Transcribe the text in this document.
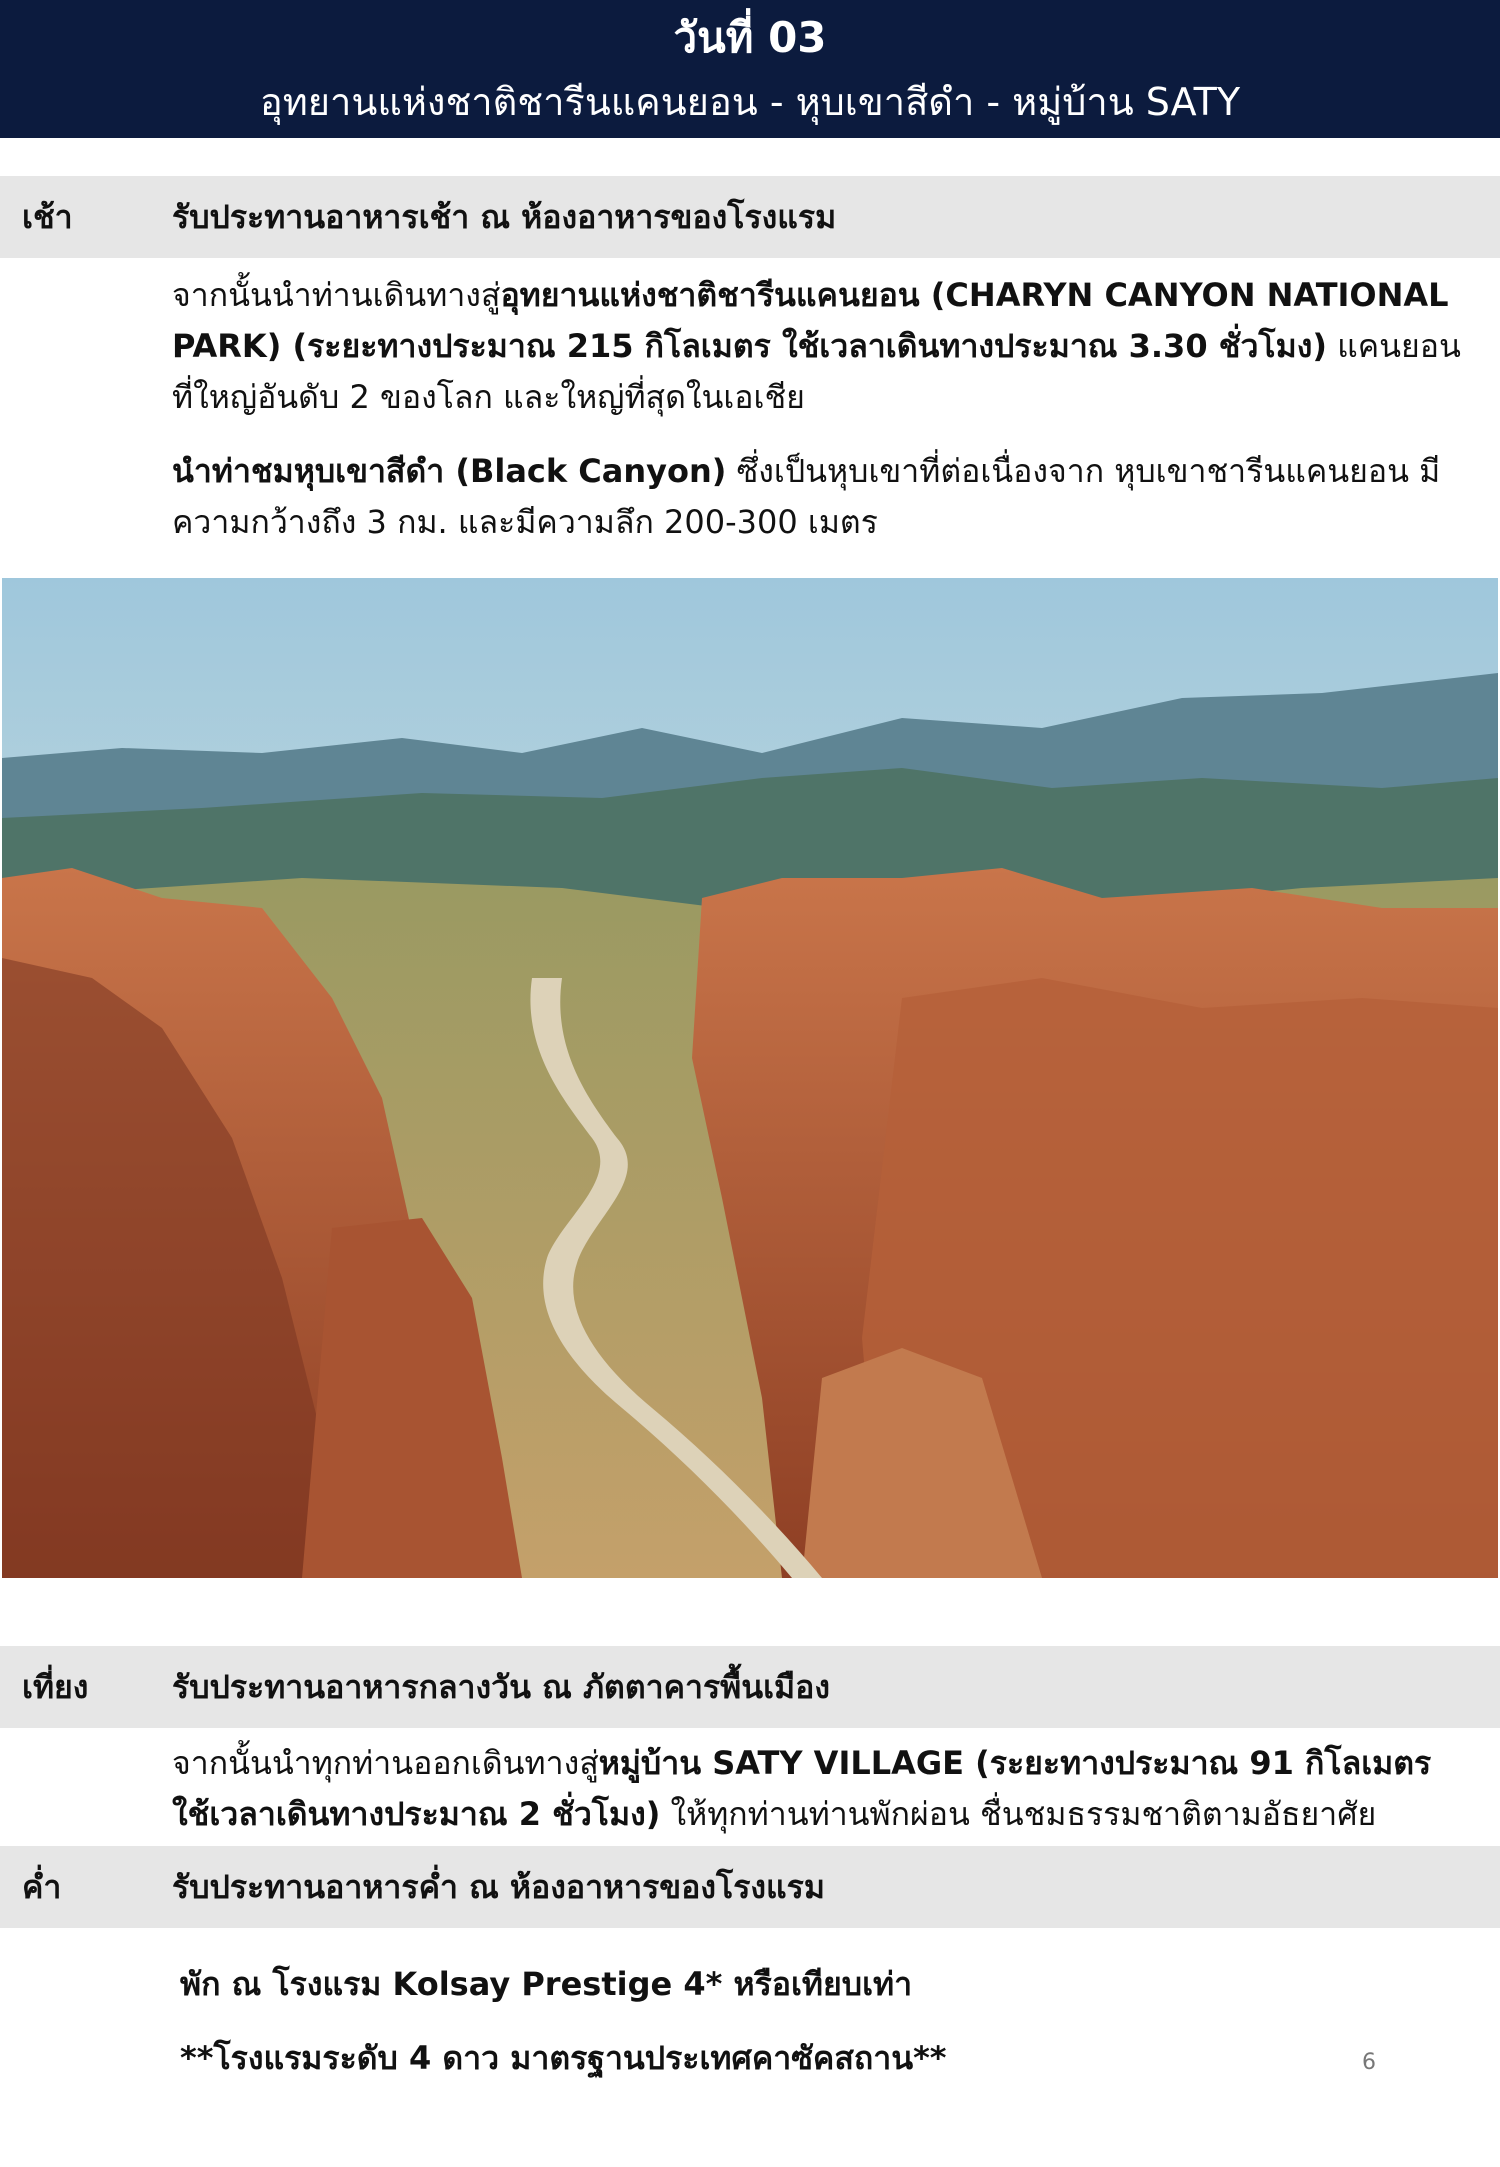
วันที่ 03
อุทยานแห่งชาติชารีนแคนยอน - หุบเขาสีดำ - หมู่บ้าน SATY
เช้า	รับประทานอาหารเช้า ณ ห้องอาหารของโรงแรม
จากนั้นนำท่านเดินทางสู่อุทยานแห่งชาติชารีนแคนยอน (CHARYN CANYON NATIONAL PARK) (ระยะทางประมาณ 215 กิโลเมตร ใช้เวลาเดินทางประมาณ 3.30 ชั่วโมง) แคนยอนที่ใหญ่อันดับ 2 ของโลก และใหญ่ที่สุดในเอเชีย
นำท่าชมหุบเขาสีดำ (Black Canyon) ซึ่งเป็นหุบเขาที่ต่อเนื่องจาก หุบเขาชารีนแคนยอน มีความกว้างถึง 3 กม. และมีความลึก 200-300 เมตร
เที่ยง	รับประทานอาหารกลางวัน ณ ภัตตาคารพื้นเมือง
จากนั้นนำทุกท่านออกเดินทางสู่หมู่บ้าน SATY VILLAGE (ระยะทางประมาณ 91 กิโลเมตร ใช้เวลาเดินทางประมาณ 2 ชั่วโมง) ให้ทุกท่านท่านพักผ่อน ชื่นชมธรรมชาติตามอัธยาศัย
ค่ำ	รับประทานอาหารค่ำ ณ ห้องอาหารของโรงแรม
พัก ณ โรงแรม Kolsay Prestige 4* หรือเทียบเท่า
**โรงแรมระดับ 4 ดาว มาตรฐานประเทศคาซัคสถาน**	6
